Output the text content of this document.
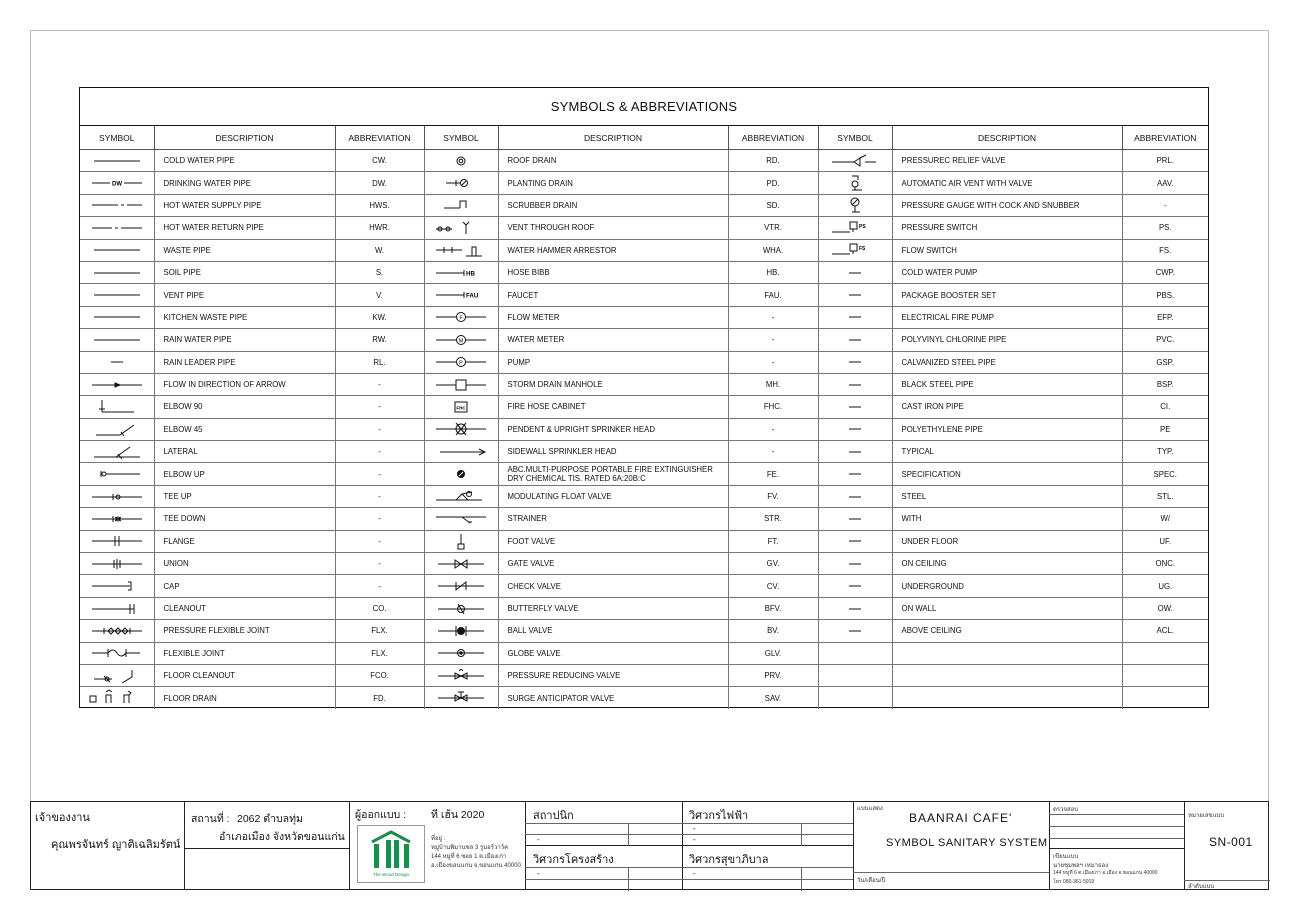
SYMBOLS & ABBREVIATIONS
SYMBOL	DESCRIPTION	ABBREVIATION	SYMBOL	DESCRIPTION	ABBREVIATION	SYMBOL	DESCRIPTION	ABBREVIATION

	COLD WATER PIPE	CW.		ROOF DRAIN	RD.		PRESSUREC RELIEF VALVE	PRL.

DW	DRINKING WATER PIPE	DW.		PLANTING DRAIN	PD.		AUTOMATIC AIR VENT WITH VALVE	AAV.

	HOT WATER SUPPLY PIPE	HWS.		SCRUBBER DRAIN	SD.		PRESSURE GAUGE WITH COCK AND SNUBBER	-

	HOT WATER RETURN PIPE	HWR.		VENT THROUGH ROOF	VTR.	PS	PRESSURE SWITCH	PS.

	WASTE PIPE	W.		WATER HAMMER ARRESTOR	WHA.	FS	FLOW SWITCH	FS.

	SOIL PIPE	S.	HB	HOSE BIBB	HB.		COLD WATER PUMP	CWP.

	VENT PIPE	V.	FAU	FAUCET	FAU.		PACKAGE BOOSTER SET	PBS.

	KITCHEN WASTE PIPE	KW.	F	FLOW METER	-		ELECTRICAL FIRE PUMP	EFP.

	RAIN WATER PIPE	RW.	M	WATER METER	-		POLYVINYL CHLORINE PIPE	PVC.

	RAIN LEADER PIPE	RL.	P	PUMP	-		CALVANIZED STEEL PIPE	GSP.

	FLOW IN DIRECTION OF ARROW	-		STORM DRAIN MANHOLE	MH.		BLACK STEEL PIPE	BSP.

	ELBOW 90	-	FHC	FIRE HOSE CABINET	FHC.		CAST IRON PIPE	CI.

	ELBOW 45	-		PENDENT & UPRIGHT SPRINKER HEAD	-		POLYETHYLENE PIPE	PE

	LATERAL	-		SIDEWALL SPRINKLER HEAD	-		TYPICAL	TYP.

	ELBOW UP	-		ABC.MULTI-PURPOSE PORTABLE FIRE EXTINGUISHER DRY CHEMICAL TIS. RATED 6A:20B:C	FE.		SPECIFICATION	SPEC.

	TEE UP	-		MODULATING FLOAT VALVE	FV.		STEEL	STL.

	TEE DOWN	-		STRAINER	STR.		WITH	W/

	FLANGE	-		FOOT VALVE	FT.		UNDER FLOOR	UF.

	UNION	-		GATE VALVE	GV.		ON CEILING	ONC.

	CAP	-		CHECK VALVE	CV.		UNDERGROUND	UG.

	CLEANOUT	CO.		BUTTERFLY VALVE	BFV.		ON WALL	OW.

	PRESSURE FLEXIBLE JOINT	FLX.		BALL VALVE	BV.		ABOVE CEILING	ACL.

	FLEXIBLE JOINT	FLX.		GLOBE VALVE	GLV.	

	FLOOR CLEANOUT	FCO.		PRESSURE REDUCING VALVE	PRV.	

	FLOOR DRAIN	FD.		SURGE ANTICIPATOR VALVE	SAV.	

เจ้าของงาน
คุณพรจันทร์ ญาติเฉลิมรัตน์
สถานที่ : 2062 ตำบลทุ่ม
อำเภอเมือง จังหวัดขอนแก่น
ผู้ออกแบบ : ที เฮ้น 2020
ที่อยู่ :
หมู่บ้านพิมานชล 3 รูมอร์วาว์ค
144 หมู่ที่ 6 ซอย 1 ต.เมืองเก่า
อ.เมืองขอนแก่น จ.ขอนแก่น 40000
สถาปนิก	วิศวกรไฟฟ้า
-
-
-
วิศวกรโครงสร้าง	วิศวกรสุขาภิบาล
-	-
แบบแสดง
BAANRAI CAFE'
SYMBOL SANITARY SYSTEM
วัน/เดือน/ปี
ตรวจสอบ
เขียนแบบ
นายชุมพลฯ เหมาธอง
144 หมู่ที่ 6 ต.เมืองเก่า อ.เมือง จ.ขอนแก่น 40000
โทร 080-361-5919
หมายเลขแบบ
SN-001
ลำดับแบบ
The Wood Design
